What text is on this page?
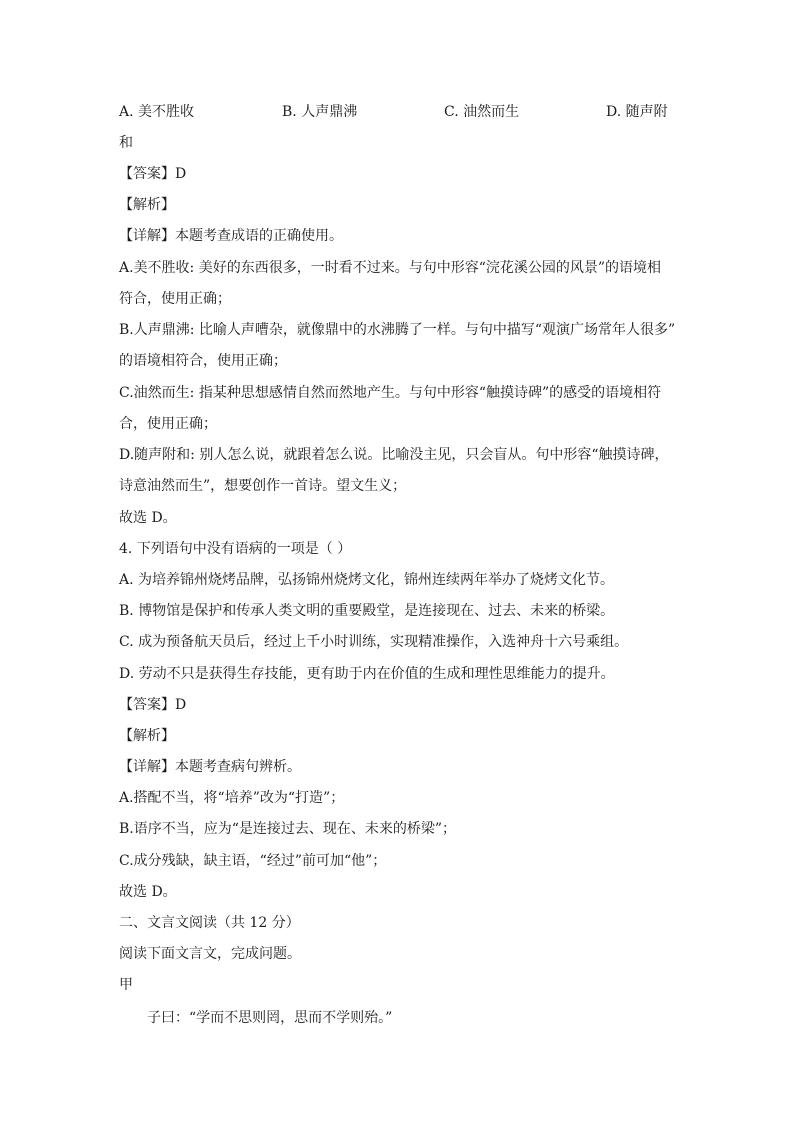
A. 美不胜收	B. 人声鼎沸	C. 油然而生	D. 随声附
和
【答案】D
【解析】
【详解】本题考查成语的正确使用。
A.美不胜收: 美好的东西很多，一时看不过来。与句中形容“浣花溪公园的风景”的语境相
符合，使用正确；
B.人声鼎沸: 比喻人声嘈杂，就像鼎中的水沸腾了一样。与句中描写“观演广场常年人很多”
的语境相符合，使用正确；
C.油然而生: 指某种思想感情自然而然地产生。与句中形容“触摸诗碑”的感受的语境相符
合，使用正确；
D.随声附和: 别人怎么说，就跟着怎么说。比喻没主见，只会盲从。句中形容“触摸诗碑，
诗意油然而生”，想要创作一首诗。望文生义；
故选 D。
4. 下列语句中没有语病的一项是（ ）
A. 为培养锦州烧烤品牌，弘扬锦州烧烤文化，锦州连续两年举办了烧烤文化节。
B. 博物馆是保护和传承人类文明的重要殿堂，是连接现在、过去、未来的桥梁。
C. 成为预备航天员后，经过上千小时训练，实现精准操作，入选神舟十六号乘组。
D. 劳动不只是获得生存技能，更有助于内在价值的生成和理性思维能力的提升。
【答案】D
【解析】
【详解】本题考查病句辨析。
A.搭配不当，将“培养”改为“打造”；
B.语序不当，应为“是连接过去、现在、未来的桥梁”；
C.成分残缺，缺主语，“经过”前可加“他”；
故选 D。
二、文言文阅读（共 12 分）
阅读下面文言文，完成问题。
甲
子曰：“学而不思则罔，思而不学则殆。”
